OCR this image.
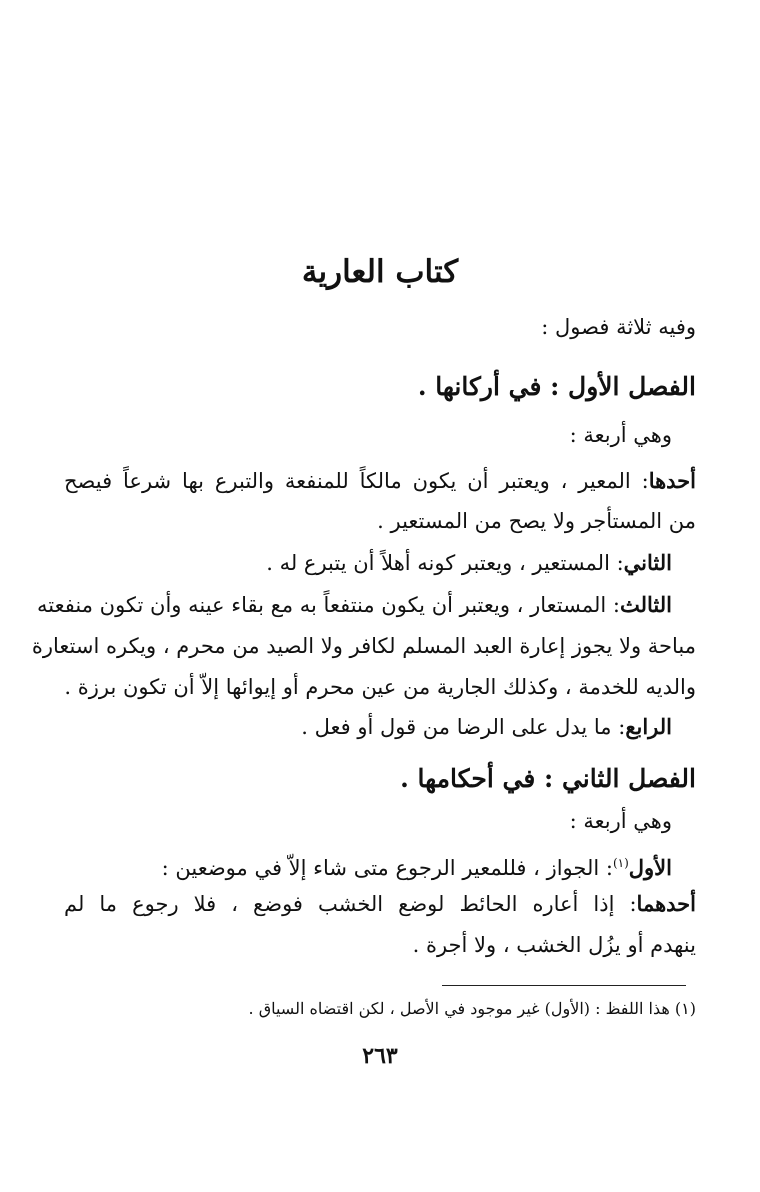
كتاب العارية
وفيه ثلاثة فصول :
الفصل الأول : في أركانها .
وهي أربعة :
أحدها: المعير ، ويعتبر أن يكون مالكاً للمنفعة والتبرع بها شرعاً فيصح
من المستأجر ولا يصح من المستعير .
الثاني: المستعير ، ويعتبر كونه أهلاً أن يتبرع له .
الثالث: المستعار ، ويعتبر أن يكون منتفعاً به مع بقاء عينه وأن تكون منفعته
مباحة ولا يجوز إعارة العبد المسلم لكافر ولا الصيد من محرم ، ويكره استعارة
والديه للخدمة ، وكذلك الجارية من عين محرم أو إيوائها إلاّ أن تكون برزة .
الرابع: ما يدل على الرضا من قول أو فعل .
الفصل الثاني : في أحكامها .
وهي أربعة :
الأول$^{(١)}$: الجواز ، فللمعير الرجوع متى شاء إلاّ في موضعين :
أحدهما: إذا أعاره الحائط لوضع الخشب فوضع ، فلا رجوع ما لم
ينهدم أو يزُل الخشب ، ولا أجرة .
(١) هذا اللفظ : (الأول) غير موجود في الأصل ، لكن اقتضاه السياق .
٢٦٣
